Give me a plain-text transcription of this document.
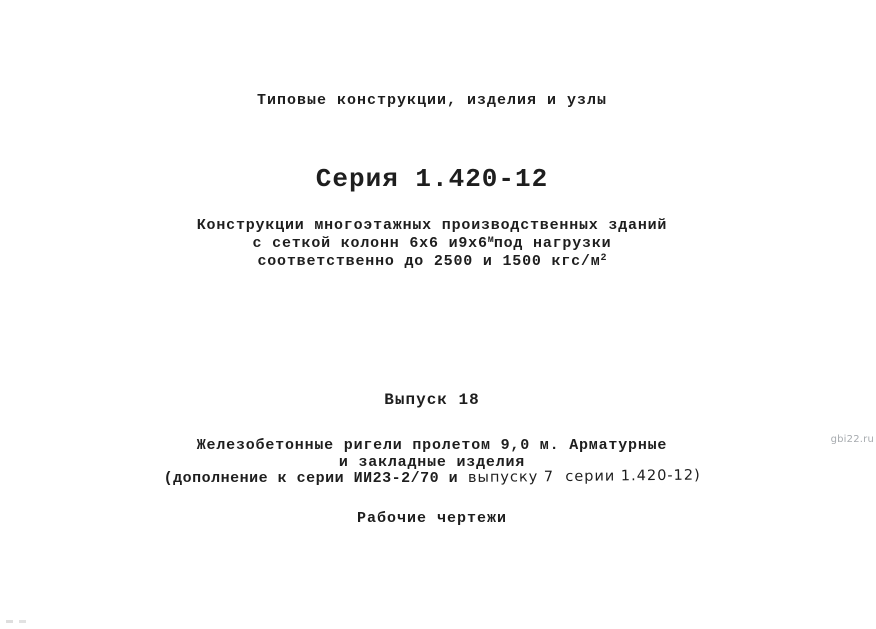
Типовые конструкции, изделия и узлы
Серия 1.420-12
Конструкции многоэтажных производственных зданий
с сеткой колонн 6х6 $и9х6^мпод$ нагрузки
соответственно до 2500 и 1500 кгс/$м^2$
Выпуск 18
Железобетонные ригели пролетом 9,0 м. Арматурные
и закладные изделия
(дополнение к серии ИИ23-2/70 и выпуску 7  серии 1.420-12)
Рабочие чертежи
gbi22.ru
